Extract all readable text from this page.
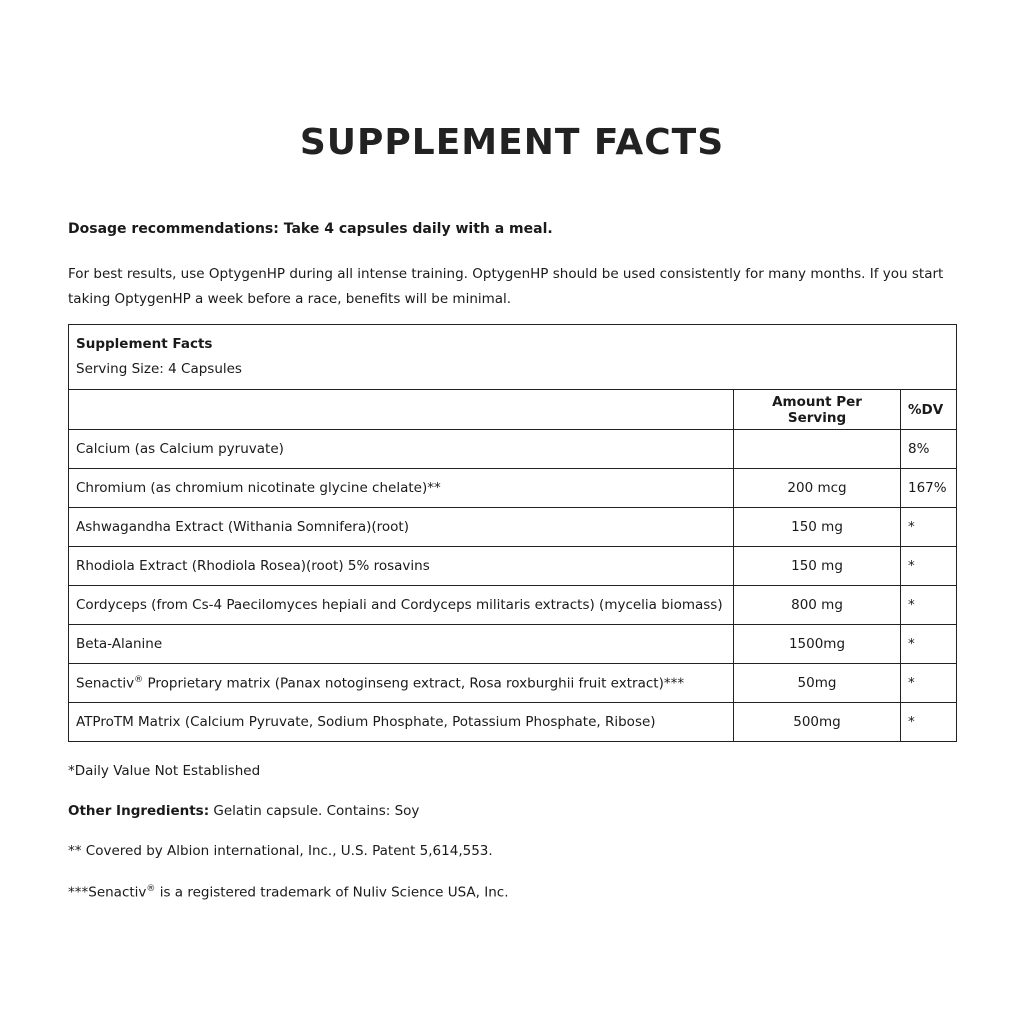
SUPPLEMENT FACTS

Dosage recommendations: Take 4 capsules daily with a meal.

For best results, use OptygenHP during all intense training. OptygenHP should be used consistently for many months. If you start taking OptygenHP a week before a race, benefits will be minimal.

Supplement Facts
Serving Size: 4 Capsules		
	Amount Per Serving	%DV
Calcium (as Calcium pyruvate)		8%
Chromium (as chromium nicotinate glycine chelate)**	200 mcg	167%
Ashwagandha Extract (Withania Somnifera)(root)	150 mg	*
Rhodiola Extract (Rhodiola Rosea)(root) 5% rosavins	150 mg	*
Cordyceps (from Cs-4 Paecilomyces hepiali and Cordyceps militaris extracts) (mycelia biomass)	800 mg	*
Beta-Alanine	1500mg	*
Senactiv® Proprietary matrix (Panax notoginseng extract, Rosa roxburghii fruit extract)***	50mg	*
ATProTM Matrix (Calcium Pyruvate, Sodium Phosphate, Potassium Phosphate, Ribose)	500mg	*

*Daily Value Not Established

Other Ingredients: Gelatin capsule. Contains: Soy

** Covered by Albion international, Inc., U.S. Patent 5,614,553.

***Senactiv® is a registered trademark of Nuliv Science USA, Inc.
